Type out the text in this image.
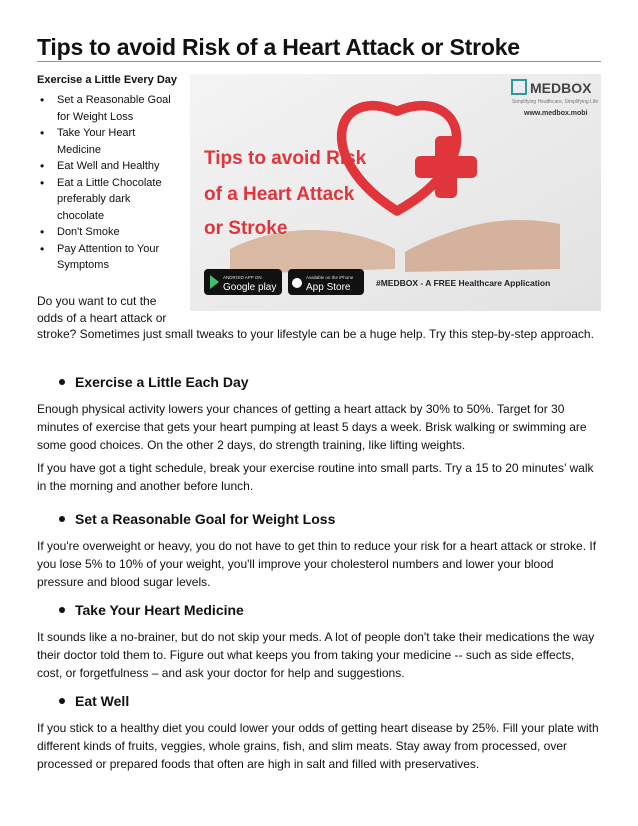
Tips to avoid Risk of a Heart Attack or Stroke
Exercise a Little Every Day
• Set a Reasonable Goal for Weight Loss
• Take Your Heart Medicine
• Eat Well and Healthy
• Eat a Little Chocolate preferably dark chocolate
• Don't Smoke
• Pay Attention to Your Symptoms
MEDBOX
Simplifying Healthcare, Simplifying Life
www.medbox.mobi
Tips to avoid Risk
of a Heart Attack
or Stroke
ANDROID APP ON
Google play
Available on the iPhone
App Store	#MEDBOX - A FREE Healthcare Application
Do you want to cut the odds of a heart attack or
stroke? Sometimes just small tweaks to your lifestyle can be a huge help. Try this step-by-step approach.
Exercise a Little Each Day

Enough physical activity lowers your chances of getting a heart attack by 30% to 50%. Target for 30 minutes of exercise that gets your heart pumping at least 5 days a week. Brisk walking or swimming are some good choices. On the other 2 days, do strength training, like lifting weights.

If you have got a tight schedule, break your exercise routine into small parts. Try a 15 to 20 minutes’ walk in the morning and another before lunch.

Set a Reasonable Goal for Weight Loss

If you're overweight or heavy, you do not have to get thin to reduce your risk for a heart attack or stroke. If you lose 5% to 10% of your weight, you'll improve your cholesterol numbers and lower your blood pressure and blood sugar levels.

Take Your Heart Medicine

It sounds like a no-brainer, but do not skip your meds. A lot of people don't take their medications the way their doctor told them to. Figure out what keeps you from taking your medicine -- such as side effects, cost, or forgetfulness – and ask your doctor for help and suggestions.

Eat Well

If you stick to a healthy diet you could lower your odds of getting heart disease by 25%. Fill your plate with different kinds of fruits, veggies, whole grains, fish, and slim meats. Stay away from processed, over processed or prepared foods that often are high in salt and filled with preservatives.
